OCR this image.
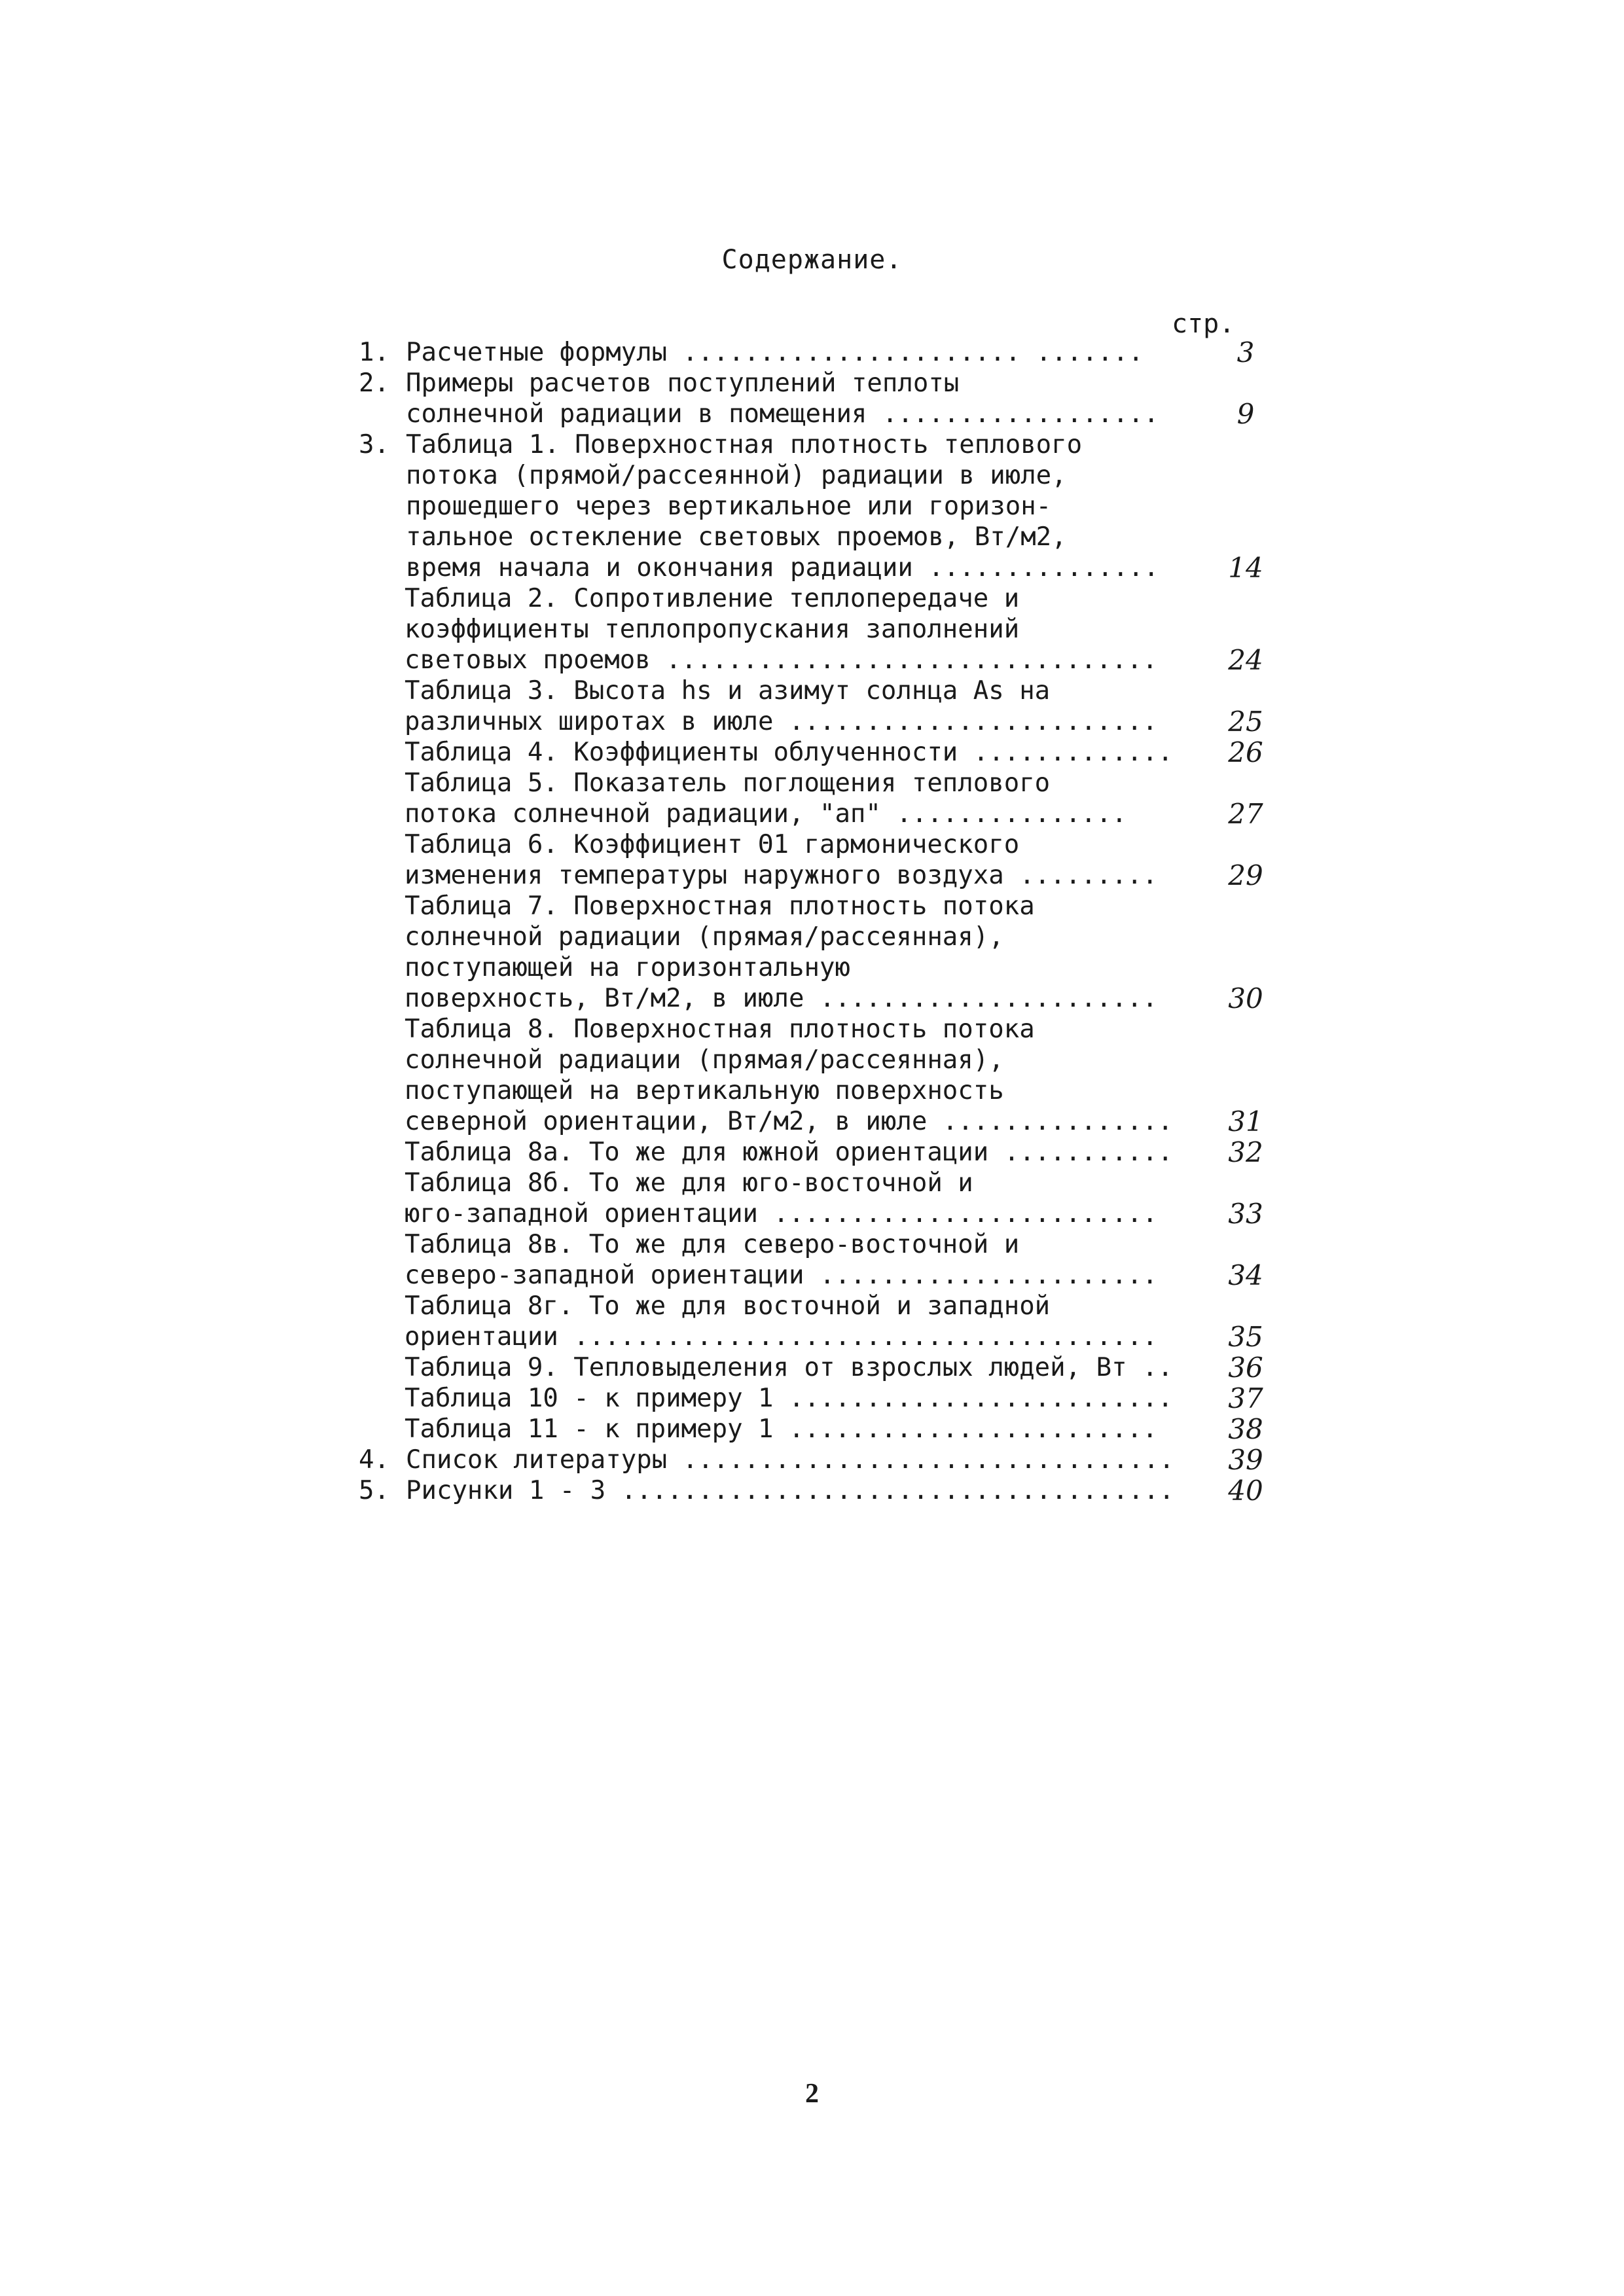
Содержание.
стр.
1. Расчетные формулы ...................... .......	3
2. Примеры расчетов поступлений теплоты
солнечной радиации в помещения ..................	9
3. Таблица 1. Поверхностная плотность теплового
потока (прямой/рассеянной) радиации в июле,
прошедшего через вертикальное или горизон-
тальное остекление световых проемов, Вт/м2,
время начала и окончания радиации ...............	14
Таблица 2. Сопротивление теплопередаче и
коэффициенты теплопропускания заполнений
световых проемов ................................	24
Таблица 3. Высота hs и азимут солнца As на
различных широтах в июле ........................	25
Таблица 4. Коэффициенты облученности .............	26
Таблица 5. Показатель поглощения теплового
потока солнечной радиации, "aп" ...............	27
Таблица 6. Коэффициент Θ1 гармонического
изменения температуры наружного воздуха .........	29
Таблица 7. Поверхностная плотность потока
солнечной радиации (прямая/рассеянная),
поступающей на горизонтальную
поверхность, Вт/м2, в июле ......................	30
Таблица 8. Поверхностная плотность потока
солнечной радиации (прямая/рассеянная),
поступающей на вертикальную поверхность
северной ориентации, Вт/м2, в июле ...............	31
Таблица 8а. То же для южной ориентации ...........	32
Таблица 8б. То же для юго-восточной и
юго-западной ориентации .........................	33
Таблица 8в. То же для северо-восточной и
северо-западной ориентации ......................	34
Таблица 8г. То же для восточной и западной
ориентации ......................................	35
Таблица 9. Тепловыделения от взрослых людей, Вт ..	36
Таблица 10 - к примеру 1 .........................	37
Таблица 11 - к примеру 1 ........................	38
4. Список литературы ................................	39
5. Рисунки 1 - 3 ....................................	40
2
